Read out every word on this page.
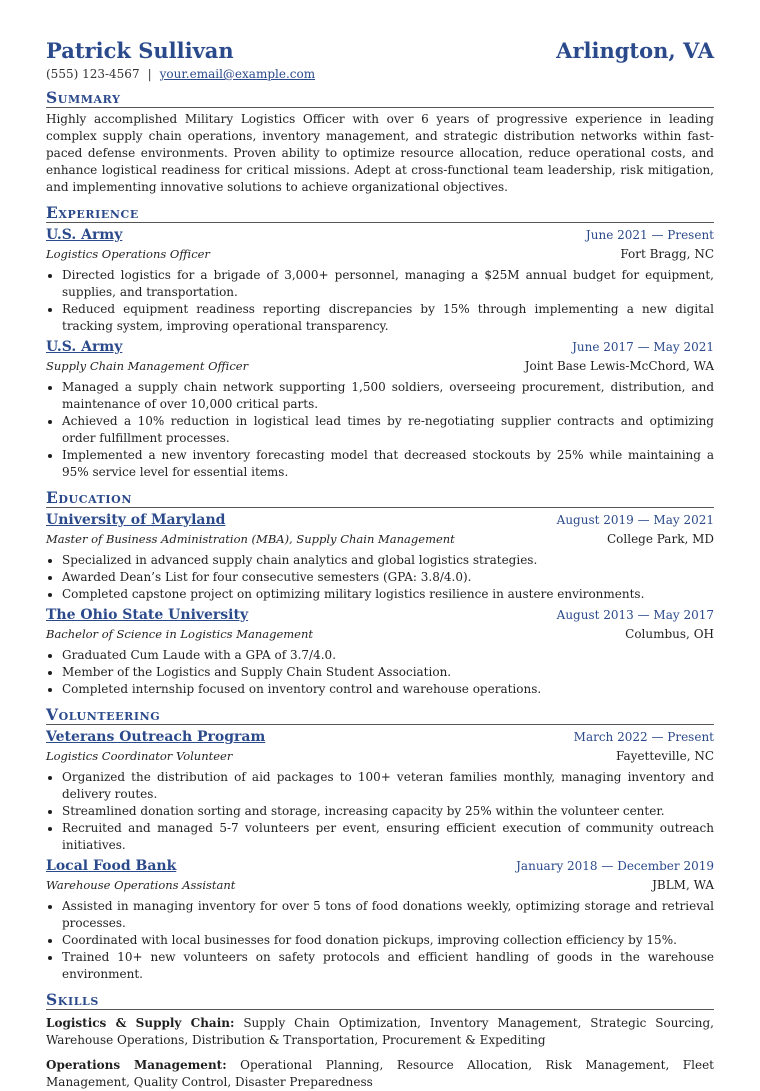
Patrick Sullivan	Arlington, VA
(555) 123-4567 | your.email@example.com
Summary
Highly accomplished Military Logistics Officer with over 6 years of progressive experience in leading complex supply chain operations, inventory management, and strategic distribution networks within fast-paced defense environments. Proven ability to optimize resource allocation, reduce operational costs, and enhance logistical readiness for critical missions. Adept at cross-functional team leadership, risk mitigation, and implementing innovative solutions to achieve organizational objectives.
Experience
U.S. Army	June 2021 — Present
Logistics Operations Officer	Fort Bragg, NC
• Directed logistics for a brigade of 3,000+ personnel, managing a $25M annual budget for equipment, supplies, and transportation.
• Reduced equipment readiness reporting discrepancies by 15% through implementing a new digital tracking system, improving operational transparency.
U.S. Army	June 2017 — May 2021
Supply Chain Management Officer	Joint Base Lewis-McChord, WA
• Managed a supply chain network supporting 1,500 soldiers, overseeing procurement, distribution, and maintenance of over 10,000 critical parts.
• Achieved a 10% reduction in logistical lead times by re-negotiating supplier contracts and optimizing order fulfillment processes.
• Implemented a new inventory forecasting model that decreased stockouts by 25% while maintaining a 95% service level for essential items.
Education
University of Maryland	August 2019 — May 2021
Master of Business Administration (MBA), Supply Chain Management	College Park, MD
• Specialized in advanced supply chain analytics and global logistics strategies.
• Awarded Dean’s List for four consecutive semesters (GPA: 3.8/4.0).
• Completed capstone project on optimizing military logistics resilience in austere environments.
The Ohio State University	August 2013 — May 2017
Bachelor of Science in Logistics Management	Columbus, OH
• Graduated Cum Laude with a GPA of 3.7/4.0.
• Member of the Logistics and Supply Chain Student Association.
• Completed internship focused on inventory control and warehouse operations.
Volunteering
Veterans Outreach Program	March 2022 — Present
Logistics Coordinator Volunteer	Fayetteville, NC
• Organized the distribution of aid packages to 100+ veteran families monthly, managing inventory and delivery routes.
• Streamlined donation sorting and storage, increasing capacity by 25% within the volunteer center.
• Recruited and managed 5-7 volunteers per event, ensuring efficient execution of community outreach initiatives.
Local Food Bank	January 2018 — December 2019
Warehouse Operations Assistant	JBLM, WA
• Assisted in managing inventory for over 5 tons of food donations weekly, optimizing storage and retrieval processes.
• Coordinated with local businesses for food donation pickups, improving collection efficiency by 15%.
• Trained 10+ new volunteers on safety protocols and efficient handling of goods in the warehouse environment.
Skills
Logistics & Supply Chain: Supply Chain Optimization, Inventory Management, Strategic Sourcing, Warehouse Operations, Distribution & Transportation, Procurement & Expediting
Operations Management: Operational Planning, Resource Allocation, Risk Management, Fleet Management, Quality Control, Disaster Preparedness
